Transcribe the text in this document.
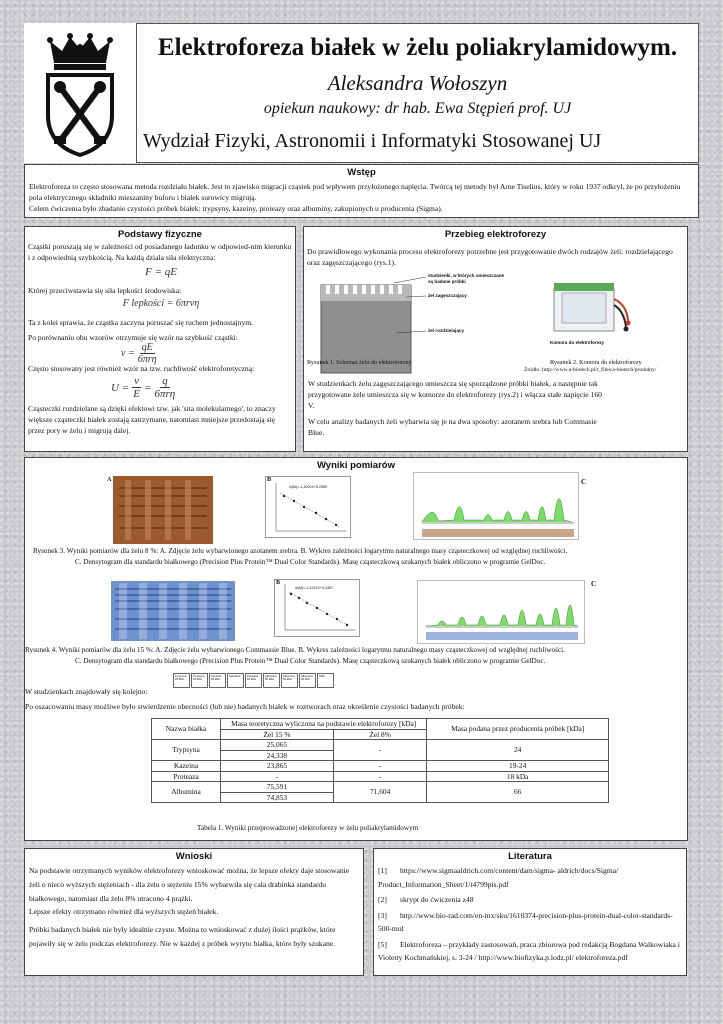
Elektroforeza białek w żelu poliakrylamidowym.
Aleksandra Wołoszyn
opiekun naukowy: dr hab. Ewa Stępień prof. UJ
Wydział Fizyki, Astronomii i Informatyki Stosowanej UJ
Wstęp
Elektroforeza to często stosowana metoda rozdziału białek. Jest to zjawisko migracji cząstek pod wpływem przyłożonego napięcia. Twórcą tej metody był Arne Tiselius, który w roku 1937 odkrył, że po przyłożeniu pola elektrycznego składniki mieszaniny buforu i białek surowicy migrują.
Celem ćwiczenia było zbadanie czystości próbek białek: trypsyny, kazeiny, proteazy oraz albuminy, zakupionych u producenta (Sigma).
Podstawy fizyczne
Cząstki poruszają się w zależności od posiadanego ładunku w odpowied-nim kierunku i z odpowiednią szybkością. Na każdą działa siła elektryczna:
F = qE
Której przeciwstawia się siła lepkości środowiska:
F lepkości = 6πrvη
Ta z kolei sprawia, że cząstka zaczyna poruszać się ruchem jednostajnym.
Po porównaniu obu wzorów otrzymuje się wzór na szybkość cząstki:
v =
qE
6πrη
Często stosowany jest również wzór na tzw. ruchliwość elektroforetyczną:
$U = \frac{v}{E}$ =
q
6πrη
Cząsteczki rozdzielane są dzięki efektowi tzw. jak 'sita molekularnego', to znaczy większe cząsteczki białek zostają zatrzymane, natomiast mniejsze przedostają się przez pory w żelu i migrują dalej.
Przebieg elektroforezy
Do prawidłowego wykonania procesu elektroforezy potrzebne jest przygotowanie dwóch rodzajów żeli: rozdzielającego oraz zagęszczającego (rys.1).
studzienki, w których umieszczane są badane próbki
żel zagęszczający
żel rozdzielający
Komora do elektroforezy
Rysunek 1. Schemat żelu do elektroforezy	Rysunek 2. Komora do elektroforezy
Źródło: http://www.a-biotech.pl/t_files/a-biotech/produkty/
W studzienkach żelu zagęszczającego umieszcza się sporządzone próbki białek, a następnie tak przygotowane żele umieszcza się w komorze do elektroforezy (rys.2) i włącza stałe napięcie 160 V.
W celu analizy badanych żeli wybarwia się je na dwa sposoby: azotanem srebra lub Commasie Blue.
Wyniki pomiarów
A
ln(M)=-1,3002X+5,2085
B	C
Rysunek 3. Wyniki pomiarów dla żelu 8 %: A. Zdjęcie żelu wybarwionego azotanem srebra. B. Wykres zależności logarytmu naturalnego masy cząsteczkowej od względnej ruchliwości.
C. Densytogram dla standardu białkowego (Precision Plus Protein™ Dual Color Standards). Masę cząsteczkową szukanych białek obliczono w programie GelDoc.
A	ln(M)=-1,4142X+5,2467
B	C
Rysunek 4. Wyniki pomiarów dla żelu 15 %: A. Zdjęcie żelu wybarwionego Commassie Blue. B. Wykres zależności logarytmu naturalnego masy cząsteczkowej od względnej ruchliwości.
C. Densytogram dla standardu białkowego (Precision Plus Protein™ Dual Color Standards). Masę cząsteczkową szukanych białek obliczono w programie GelDoc.
Trypsyna 25 kDa
Trypsyna 24 kDa
Kazeina 20 kDa
Standard	Proteaza 18 kDa
Albumina 66 kDa
Albumina 66 kDa
Albumina 66 kDa
SDS
W studzienkach znajdowały się kolejno:
Po oszacowaniu masy możliwe było stwierdzenie obecności (lub nie) badanych białek w roztworach oraz określenie czystości badanych próbek:
Nazwa białka	Masa teoretyczna wyliczona na podstawie elektroforezy [kDa]		Masa podana przez producenta próbek [kDa]
	Żel 15 %	Żel 8%	
Trypsyna	25,065	-	24
	24,338		
Kazeina	23,865	-	19-24
Proteaza	-	-	18 kDa
Albumina	75,591	71,604	66
	74,853		
Tabela 1. Wyniki przeprowadzonej elektroforezy w żelu poliakrylamidowym
Wnioski
Na podstawie otrzymanych wyników elektroforezy wnioskować można, że lepsze efekty daje stosowanie żeli o nieco wyższych stężeniach - dla żelu o stężeniu 15% wybarwiła się cała drabinka standardu białkowego, natomiast dla żelu 8% utracono 4 prążki.
Lepsze efekty otrzymano również dla wyższych stężeń białek.
Próbki badanych białek nie były idealnie czyste. Można to wnioskować z dużej ilości prążków, które pojawiły się w żelu podczas elektroforezy. Nie w każdej z próbek wyryto białka, które były szukane.
Literatura
[1] https://www.sigmaaldrich.com/content/dam/sigma- aldrich/docs/Sigma/ Product_Information_Sheet/1/t4799pis.pdf
[2] skrypt do ćwiczenia z48
[3] http://www.bio-rad.com/en-mx/sku/1610374-precision-plus-protein-dual-color-standards-500-mul
[5] Elektroforeza – przykłady zastosowań, praca zbiorowa pod redakcją Bogdana Walkowiaka i Violetty Kochmańskiej, s. 3-24 / http://www.biofizyka.p.lodz.pl/ elektroforeza.pdf
